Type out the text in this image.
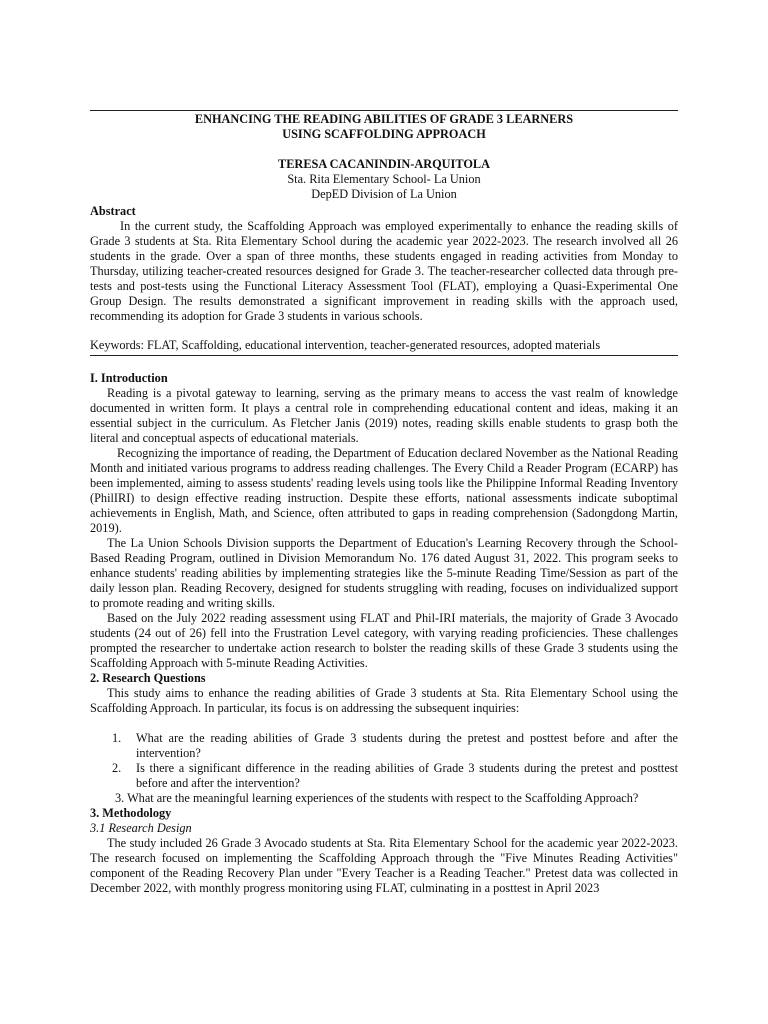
ENHANCING THE READING ABILITIES OF GRADE 3 LEARNERS
USING SCAFFOLDING APPROACH
TERESA CACANINDIN-ARQUITOLA
Sta. Rita Elementary School- La Union
DepED Division of La Union
Abstract

In the current study, the Scaffolding Approach was employed experimentally to enhance the reading skills of Grade 3 students at Sta. Rita Elementary School during the academic year 2022-2023. The research involved all 26 students in the grade. Over a span of three months, these students engaged in reading activities from Monday to Thursday, utilizing teacher-created resources designed for Grade 3. The teacher-researcher collected data through pre-tests and post-tests using the Functional Literacy Assessment Tool (FLAT), employing a Quasi-Experimental One Group Design. The results demonstrated a significant improvement in reading skills with the approach used, recommending its adoption for Grade 3 students in various schools.

Keywords: FLAT, Scaffolding, educational intervention, teacher-generated resources, adopted materials
I. Introduction

Reading is a pivotal gateway to learning, serving as the primary means to access the vast realm of knowledge documented in written form. It plays a central role in comprehending educational content and ideas, making it an essential subject in the curriculum. As Fletcher Janis (2019) notes, reading skills enable students to grasp both the literal and conceptual aspects of educational materials.

Recognizing the importance of reading, the Department of Education declared November as the National Reading Month and initiated various programs to address reading challenges. The Every Child a Reader Program (ECARP) has been implemented, aiming to assess students' reading levels using tools like the Philippine Informal Reading Inventory (PhilIRI) to design effective reading instruction. Despite these efforts, national assessments indicate suboptimal achievements in English, Math, and Science, often attributed to gaps in reading comprehension (Sadongdong Martin, 2019).

The La Union Schools Division supports the Department of Education's Learning Recovery through the School-Based Reading Program, outlined in Division Memorandum No. 176 dated August 31, 2022. This program seeks to enhance students' reading abilities by implementing strategies like the 5-minute Reading Time/Session as part of the daily lesson plan. Reading Recovery, designed for students struggling with reading, focuses on individualized support to promote reading and writing skills.

Based on the July 2022 reading assessment using FLAT and Phil-IRI materials, the majority of Grade 3 Avocado students (24 out of 26) fell into the Frustration Level category, with varying reading proficiencies. These challenges prompted the researcher to undertake action research to bolster the reading skills of these Grade 3 students using the Scaffolding Approach with 5-minute Reading Activities.

2. Research Questions

This study aims to enhance the reading abilities of Grade 3 students at Sta. Rita Elementary School using the Scaffolding Approach. In particular, its focus is on addressing the subsequent inquiries:

1. What are the reading abilities of Grade 3 students during the pretest and posttest before and after the intervention?
2. Is there a significant difference in the reading abilities of Grade 3 students during the pretest and posttest before and after the intervention?
3. What are the meaningful learning experiences of the students with respect to the Scaffolding Approach?
3. Methodology
3.1 Research Design

The study included 26 Grade 3 Avocado students at Sta. Rita Elementary School for the academic year 2022-2023. The research focused on implementing the Scaffolding Approach through the "Five Minutes Reading Activities" component of the Reading Recovery Plan under "Every Teacher is a Reading Teacher." Pretest data was collected in December 2022, with monthly progress monitoring using FLAT, culminating in a posttest in April 2023
